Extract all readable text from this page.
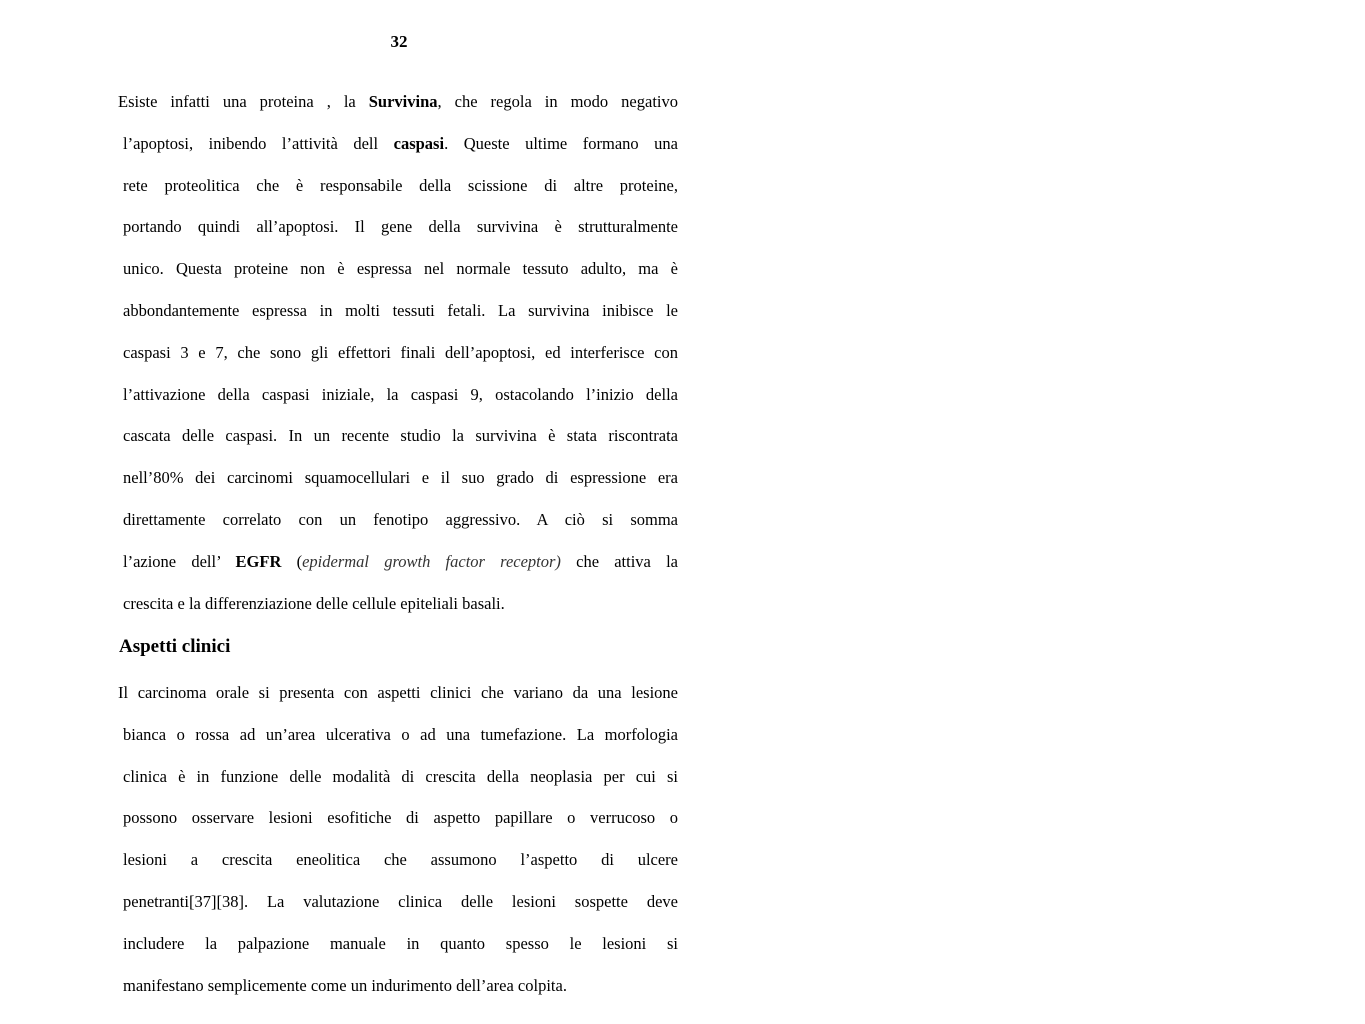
32

Esiste infatti una proteina , la Survivina, che regola in modo negativo
l’apoptosi, inibendo l’attività dell caspasi. Queste ultime formano una
rete proteolitica che è responsabile della scissione di altre proteine,
portando quindi all’apoptosi. Il gene della survivina è strutturalmente
unico. Questa proteine non è espressa nel normale tessuto adulto, ma è
abbondantemente espressa in molti tessuti fetali. La survivina inibisce le
caspasi 3 e 7, che sono gli effettori finali dell’apoptosi, ed interferisce con
l’attivazione della caspasi iniziale, la caspasi 9, ostacolando l’inizio della
cascata delle caspasi. In un recente studio la survivina è stata riscontrata
nell’80% dei carcinomi squamocellulari e il suo grado di espressione era
direttamente correlato con un fenotipo aggressivo. A ciò si somma
l’azione dell’ EGFR (epidermal growth factor receptor) che attiva la
crescita e la differenziazione delle cellule epiteliali basali.

Aspetti clinici

Il carcinoma orale si presenta con aspetti clinici che variano da una lesione
bianca o rossa ad un’area ulcerativa o ad una tumefazione. La morfologia
clinica è in funzione delle modalità di crescita della neoplasia per cui si
possono osservare lesioni esofitiche di aspetto papillare o verrucoso o
lesioni a crescita eneolitica che assumono l’aspetto di ulcere
penetranti[37][38]. La valutazione clinica delle lesioni sospette deve
includere la palpazione manuale in quanto spesso le lesioni si
manifestano semplicemente come un indurimento dell’area colpita.
